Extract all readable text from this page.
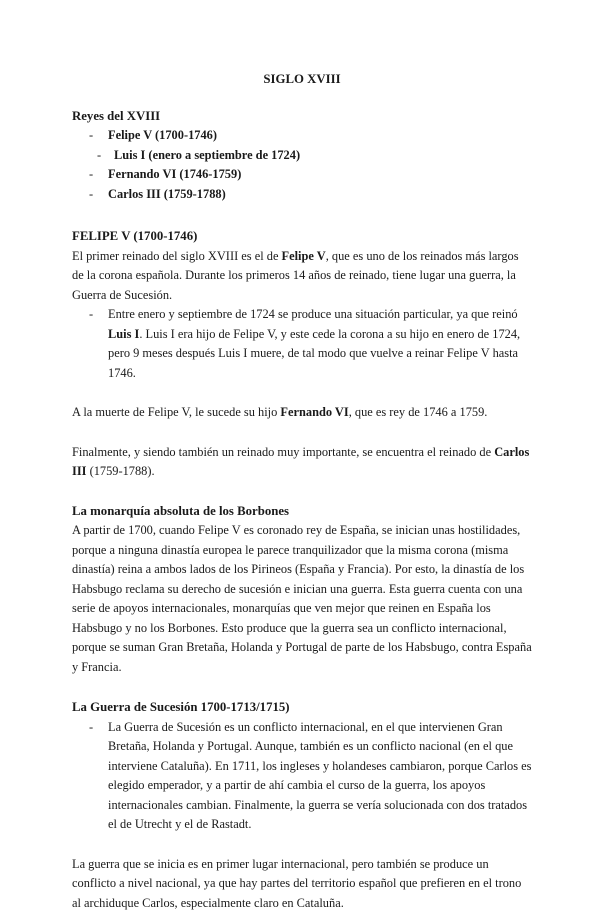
SIGLO XVIII
Reyes del XVIII
- Felipe V (1700-1746)
- Luis I (enero a septiembre de 1724)
- Fernando VI (1746-1759)
- Carlos III (1759-1788)
FELIPE V (1700-1746)

El primer reinado del siglo XVIII es el de Felipe V, que es uno de los reinados más largos de la corona española. Durante los primeros 14 años de reinado, tiene lugar una guerra, la Guerra de Sucesión.

- Entre enero y septiembre de 1724 se produce una situación particular, ya que reinó Luis I. Luis I era hijo de Felipe V, y este cede la corona a su hijo en enero de 1724, pero 9 meses después Luis I muere, de tal modo que vuelve a reinar Felipe V hasta 1746.

A la muerte de Felipe V, le sucede su hijo Fernando VI, que es rey de 1746 a 1759.

Finalmente, y siendo también un reinado muy importante, se encuentra el reinado de Carlos III (1759-1788).

La monarquía absoluta de los Borbones

A partir de 1700, cuando Felipe V es coronado rey de España, se inician unas hostilidades, porque a ninguna dinastía europea le parece tranquilizador que la misma corona (misma dinastía) reina a ambos lados de los Pirineos (España y Francia). Por esto, la dinastía de los Habsbugo reclama su derecho de sucesión e inician una guerra. Esta guerra cuenta con una serie de apoyos internacionales, monarquías que ven mejor que reinen en España los Habsbugo y no los Borbones. Esto produce que la guerra sea un conflicto internacional, porque se suman Gran Bretaña, Holanda y Portugal de parte de los Habsbugo, contra España y Francia.

La Guerra de Sucesión 1700-1713/1715)
- La Guerra de Sucesión es un conflicto internacional, en el que intervienen Gran Bretaña, Holanda y Portugal. Aunque, también es un conflicto nacional (en el que interviene Cataluña). En 1711, los ingleses y holandeses cambiaron, porque Carlos es elegido emperador, y a partir de ahí cambia el curso de la guerra, los apoyos internacionales cambian. Finalmente, la guerra se vería solucionada con dos tratados el de Utrecht y el de Rastadt.

La guerra que se inicia es en primer lugar internacional, pero también se produce un conflicto a nivel nacional, ya que hay partes del territorio español que prefieren en el trono al archiduque Carlos, especialmente claro en Cataluña.
